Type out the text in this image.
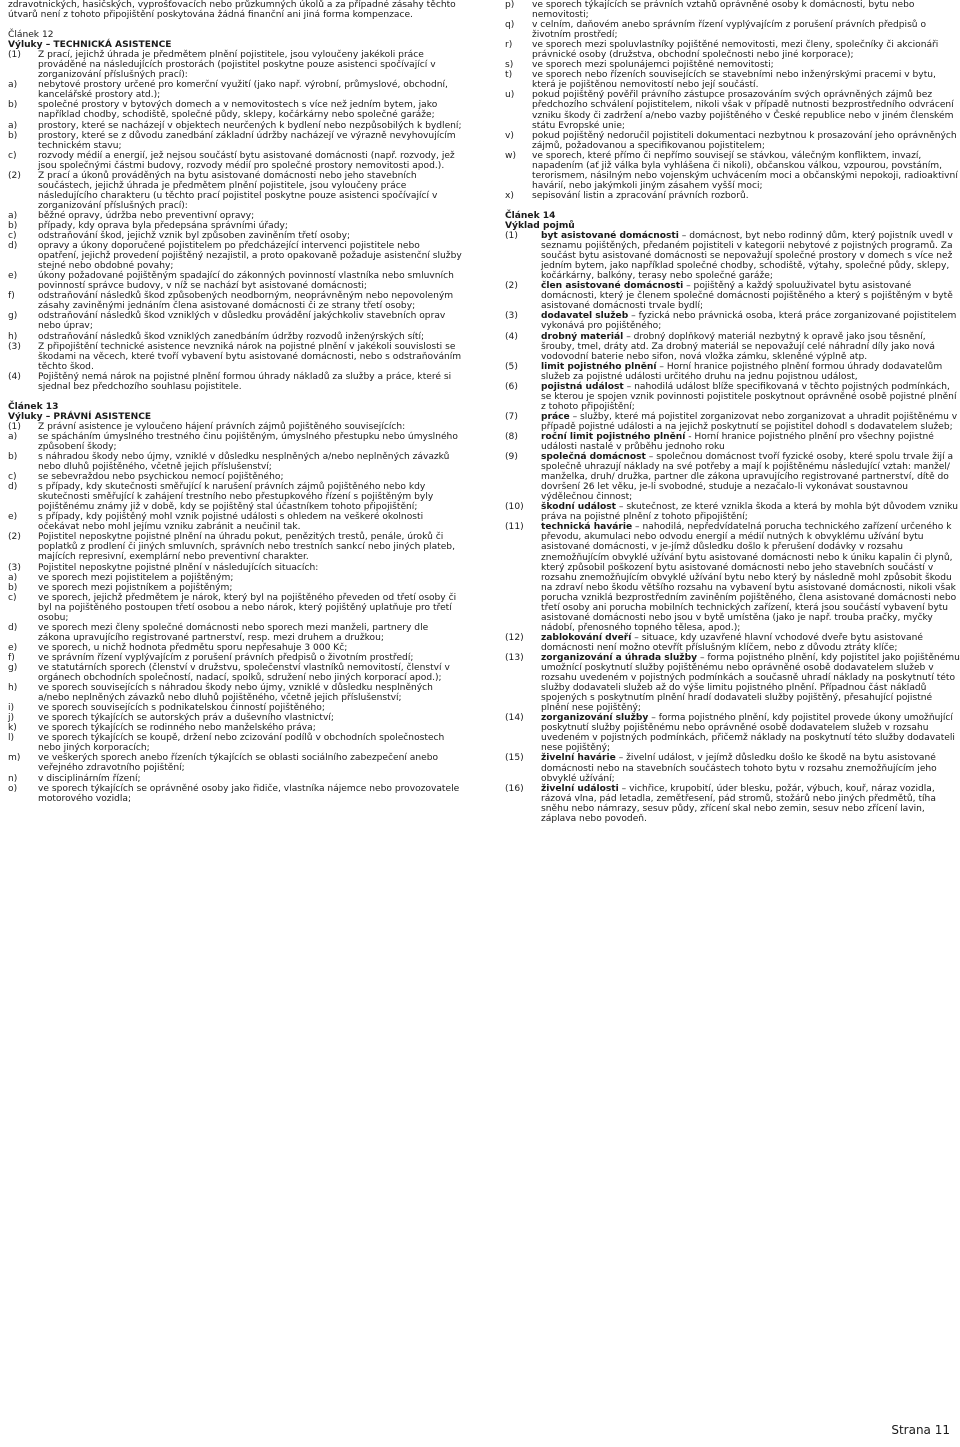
zdravotnických, hasičských, vyprošťovacích nebo průzkumných úkolů a za případné zásahy těchto útvarů není z tohoto připojištění poskytována žádná finanční ani jiná forma kompenzace.

Článek 12

Výluky – TECHNICKÁ ASISTENCE

(1) Z prací, jejichž úhrada je předmětem plnění pojistitele, jsou vyloučeny jakékoli práce prováděné na následujících prostorách (pojistitel poskytne pouze asistenci spočívající v zorganizování příslušných prací):
a) nebytové prostory určené pro komerční využití (jako např. výrobní, průmyslové, obchodní, kancelářské prostory atd.);
b) společné prostory v bytových domech a v nemovitostech s více než jedním bytem, jako například chodby, schodiště, společné půdy, sklepy, kočárkárny nebo společné garáže;
a) prostory, které se nacházejí v objektech neurčených k bydlení nebo nezpůsobilých k bydlení;
b) prostory, které se z důvodu zanedbání základní údržby nacházejí ve výrazně nevyhovujícím technickém stavu;
c) rozvody médií a energií, jež nejsou součástí bytu asistované domácnosti (např. rozvody, jež jsou společnými částmi budovy, rozvody médií pro společné prostory nemovitosti apod.).
(2) Z prací a úkonů prováděných na bytu asistované domácnosti nebo jeho stavebních součástech, jejichž úhrada je předmětem plnění pojistitele, jsou vyloučeny práce následujícího charakteru (u těchto prací pojistitel poskytne pouze asistenci spočívající v zorganizování příslušných prací):
a) běžné opravy, údržba nebo preventivní opravy;
b) případy, kdy oprava byla předepsána správními úřady;
c) odstraňování škod, jejichž vznik byl způsoben zaviněním třetí osoby;
d) opravy a úkony doporučené pojistitelem po předcházející intervenci pojistitele nebo opatření, jejichž provedení pojištěný nezajistil, a proto opakovaně požaduje asistenční služby stejné nebo obdobné povahy;
e) úkony požadované pojištěným spadající do zákonných povinností vlastníka nebo smluvních povinností správce budovy, v níž se nachází byt asistované domácnosti;
f)	odstraňování následků škod způsobených neodborným, neoprávněným nebo nepovoleným zásahy zaviněnými jednáním člena asistované domácnosti či ze strany třetí osoby;
g) odstraňování následků škod vzniklých v důsledku provádění jakýchkoliv stavebních oprav nebo úprav;
h) odstraňování následků škod vzniklých zanedbáním údržby rozvodů inženýrských sítí;
(3) Z připojištění technické asistence nevzniká nárok na pojistné plnění v jakékoli souvislosti se škodami na věcech, které tvoří vybavení bytu asistované domácnosti, nebo s odstraňováním těchto škod.
(4) Pojištěný nemá nárok na pojistné plnění formou úhrady nákladů za služby a práce, které si sjednal bez předchozího souhlasu pojistitele.

Článek 13

Výluky – PRÁVNÍ ASISTENCE

(1) Z právní asistence je vyloučeno hájení právních zájmů pojištěného souvisejících:
a) se spácháním úmyslného trestného činu pojištěným, úmyslného přestupku nebo úmyslného způsobení škody;
b) s náhradou škody nebo újmy, vzniklé v důsledku nesplněných a/nebo neplněných závazků nebo dluhů pojištěného, včetně jejich příslušenství;
c) se sebevraždou nebo psychickou nemocí pojištěného;
d) s případy, kdy skutečnosti směřující k narušení právních zájmů pojištěného nebo kdy skutečnosti směřující k zahájení trestního nebo přestupkového řízení s pojištěným byly pojištěnému známy již v době, kdy se pojištěný stal účastníkem tohoto připojištění;
e) s případy, kdy pojištěný mohl vznik pojistné události s ohledem na veškeré okolnosti očekávat nebo mohl jejímu vzniku zabránit a neučinil tak.
(2) Pojistitel neposkytne pojistné plnění na úhradu pokut, penězitých trestů, penále, úroků či poplatků z prodlení či jiných smluvních, správních nebo trestních sankcí nebo jiných plateb, majících represivní, exemplární nebo preventivní charakter.
(3) Pojistitel neposkytne pojistné plnění v následujících situacích:
a) ve sporech mezi pojistitelem a pojištěným;
b) ve sporech mezi pojistníkem a pojištěným;
c) ve sporech, jejichž předmětem je nárok, který byl na pojištěného převeden od třetí osoby či byl na pojištěného postoupen třetí osobou a nebo nárok, který pojištěný uplatňuje pro třetí osobu;
d) ve sporech mezi členy společné domácnosti nebo sporech mezi manželi, partnery dle zákona upravujícího registrované partnerství, resp. mezi druhem a družkou;
e) ve sporech, u nichž hodnota předmětu sporu nepřesahuje 3 000 Kč;
f)	ve správním řízení vyplývajícím z porušení právních předpisů o životním prostředí;
g) ve statutárních sporech (členství v družstvu, společenství vlastníků nemovitostí, členství v orgánech obchodních společností, nadací, spolků, sdružení nebo jiných korporací apod.);
h) ve sporech souvisejících s náhradou škody nebo újmy, vzniklé v důsledku nesplněných a/nebo neplněných závazků nebo dluhů pojištěného, včetně jejich příslušenství;
i)	ve sporech souvisejících s podnikatelskou činností pojištěného;
j)	ve sporech týkajících se autorských práv a duševního vlastnictví;
k) ve sporech týkajících se rodinného nebo manželského práva;
l)	ve sporech týkajících se koupě, držení nebo zcizování podílů v obchodních společnostech nebo jiných korporacích;
m) ve veškerých sporech anebo řízeních týkajících se oblasti sociálního zabezpečení anebo veřejného zdravotního pojištění;
n) v disciplinárním řízení;
o) ve sporech týkajících se oprávněné osoby jako řidiče, vlastníka nájemce nebo provozovatele motorového vozidla;
p) ve sporech týkajících se právních vztahů oprávněné osoby k domácnosti, bytu nebo nemovitosti;
q) v celním, daňovém anebo správním řízení vyplývajícím z porušení právních předpisů o životním prostředí;
r) ve sporech mezi spoluvlastníky pojištěné nemovitosti, mezi členy, společníky či akcionáři právnické osoby (družstva, obchodní společnosti nebo jiné korporace);
s) ve sporech mezi spolunájemci pojištěné nemovitosti;
t) ve sporech nebo řízeních souvisejících se stavebními nebo inženýrskými pracemi v bytu, která je pojištěnou nemovitostí nebo její součástí.
u) pokud pojištěný pověřil právního zástupce prosazováním svých oprávněných zájmů bez předchozího schválení pojistitelem, nikoli však v případě nutnosti bezprostředního odvrácení vzniku škody či zadržení a/nebo vazby pojištěného v České republice nebo v jiném členském státu Evropské unie;
v) pokud pojištěný nedoručil pojistiteli dokumentaci nezbytnou k prosazování jeho oprávněných zájmů, požadovanou a specifikovanou pojistitelem;
w) ve sporech, které přímo či nepřímo souvisejí se stávkou, válečným konfliktem, invazí, napadením (ať již válka byla vyhlášena či nikoli), občanskou válkou, vzpourou, povstáním, terorismem, násilným nebo vojenským uchvácením moci a občanskými nepokoji, radioaktivní havárií, nebo jakýmkoli jiným zásahem vyšší moci;
x) sepisování listin a zpracování právních rozborů.

Článek 14

Výklad pojmů

(1)	byt asistované domácnosti – domácnost, byt nebo rodinný dům, který pojistník uvedl v seznamu pojištěných, předaném pojistiteli v kategorii nebytové z pojistných programů. Za součást bytu asistované domácnosti se nepovažují společné prostory v domech s více než jedním bytem, jako například společné chodby, schodiště, výtahy, společné půdy, sklepy, kočárkárny, balkóny, terasy nebo společné garáže;
(2)	člen asistované domácnosti – pojištěný a každý spoluuživatel bytu asistované domácnosti, který je členem společné domácnosti pojištěného a který s pojištěným v bytě asistované domácnosti trvale bydlí;
(3)	dodavatel služeb – fyzická nebo právnická osoba, která práce zorganizované pojistitelem vykonává pro pojištěného;
(4)	drobný materiál – drobný doplňkový materiál nezbytný k opravě jako jsou těsnění, šrouby, tmel, dráty atd. Za drobný materiál se nepovažují celé náhradní díly jako nová vodovodní baterie nebo sifon, nová vložka zámku, skleněné výplně atp.
(5)	limit pojistného plnění – Horní hranice pojistného plnění formou úhrady dodavatelům služeb za pojistné události určitého druhu na jednu pojistnou událost,
(6)	pojistná událost – nahodilá událost blíže specifikovaná v těchto pojistných podmínkách, se kterou je spojen vznik povinnosti pojistitele poskytnout oprávněné osobě pojistné plnění z tohoto připojištění;
(7)	práce – služby, které má pojistitel zorganizovat nebo zorganizovat a uhradit pojištěnému v případě pojistné události a na jejichž poskytnutí se pojistitel dohodl s dodavatelem služeb;
(8)	roční limit pojistného plnění - Horní hranice pojistného plnění pro všechny pojistné události nastalé v průběhu jednoho roku
(9)	společná domácnost – společnou domácnost tvoří fyzické osoby, které spolu trvale žijí a společně uhrazují náklady na své potřeby a mají k pojištěnému následující vztah: manžel/ manželka, druh/ družka, partner dle zákona upravujícího registrované partnerství, dítě do dovršení 26 let věku, je-li svobodné, studuje a nezačalo-li vykonávat soustavnou výdělečnou činnost;
(10) škodní událost – skutečnost, ze které vznikla škoda a která by mohla být důvodem vzniku práva na pojistné plnění z tohoto připojištění;
(11) technická havárie – nahodilá, nepředvídatelná porucha technického zařízení určeného k převodu, akumulaci nebo odvodu energií a médií nutných k obvyklému užívání bytu asistované domácnosti, v je-jímž důsledku došlo k přerušení dodávky v rozsahu znemožňujícím obvyklé užívání bytu asistované domácnosti nebo k úniku kapalin či plynů, který způsobil poškození bytu asistované domácnosti nebo jeho stavebních součástí v rozsahu znemožňujícím obvyklé užívání bytu nebo který by následně mohl způsobit škodu na zdraví nebo škodu většího rozsahu na vybavení bytu asistované domácnosti, nikoli však porucha vzniklá bezprostředním zaviněním pojištěného, člena asistované domácnosti nebo třetí osoby ani porucha mobilních technických zařízení, která jsou součástí vybavení bytu asistované domácnosti nebo jsou v bytě umístěna (jako je např. trouba pračky, myčky nádobí, přenosného topného tělesa, apod.);
(12) zablokování dveří – situace, kdy uzavřené hlavní vchodové dveře bytu asistované domácnosti není možno otevřít příslušným klíčem, nebo z důvodu ztráty klíče;
(13) zorganizování a úhrada služby – forma pojistného plnění, kdy pojistitel jako pojištěnému umožnící poskytnutí služby pojištěnému nebo oprávněné osobě dodavatelem služeb v rozsahu uvedeném v pojistných podmínkách a současně uhradí náklady na poskytnutí této služby dodavateli služeb až do výše limitu pojistného plnění. Případnou část nákladů spojených s poskytnutím plnění hradí dodavateli služby pojištěný, přesahující pojistné plnění nese pojištěný;
(14) zorganizování služby – forma pojistného plnění, kdy pojistitel provede úkony umožňující poskytnutí služby pojištěnému nebo oprávněné osobě dodavatelem služeb v rozsahu uvedeném v pojistných podmínkách, přičemž náklady na poskytnutí této služby dodavateli nese pojištěný;
(15) živelní havárie – živelní událost, v jejímž důsledku došlo ke škodě na bytu asistované domácnosti nebo na stavebních součástech tohoto bytu v rozsahu znemožňujícím jeho obvyklé užívání;
(16) živelní události – vichřice, krupobití, úder blesku, požár, výbuch, kouř, náraz vozidla, rázová vlna, pád letadla, zemětřesení, pád stromů, stožárů nebo jiných předmětů, tíha sněhu nebo námrazy, sesuv půdy, zřícení skal nebo zemin, sesuv nebo zřícení lavin, záplava nebo povodeň.
Strana 11
